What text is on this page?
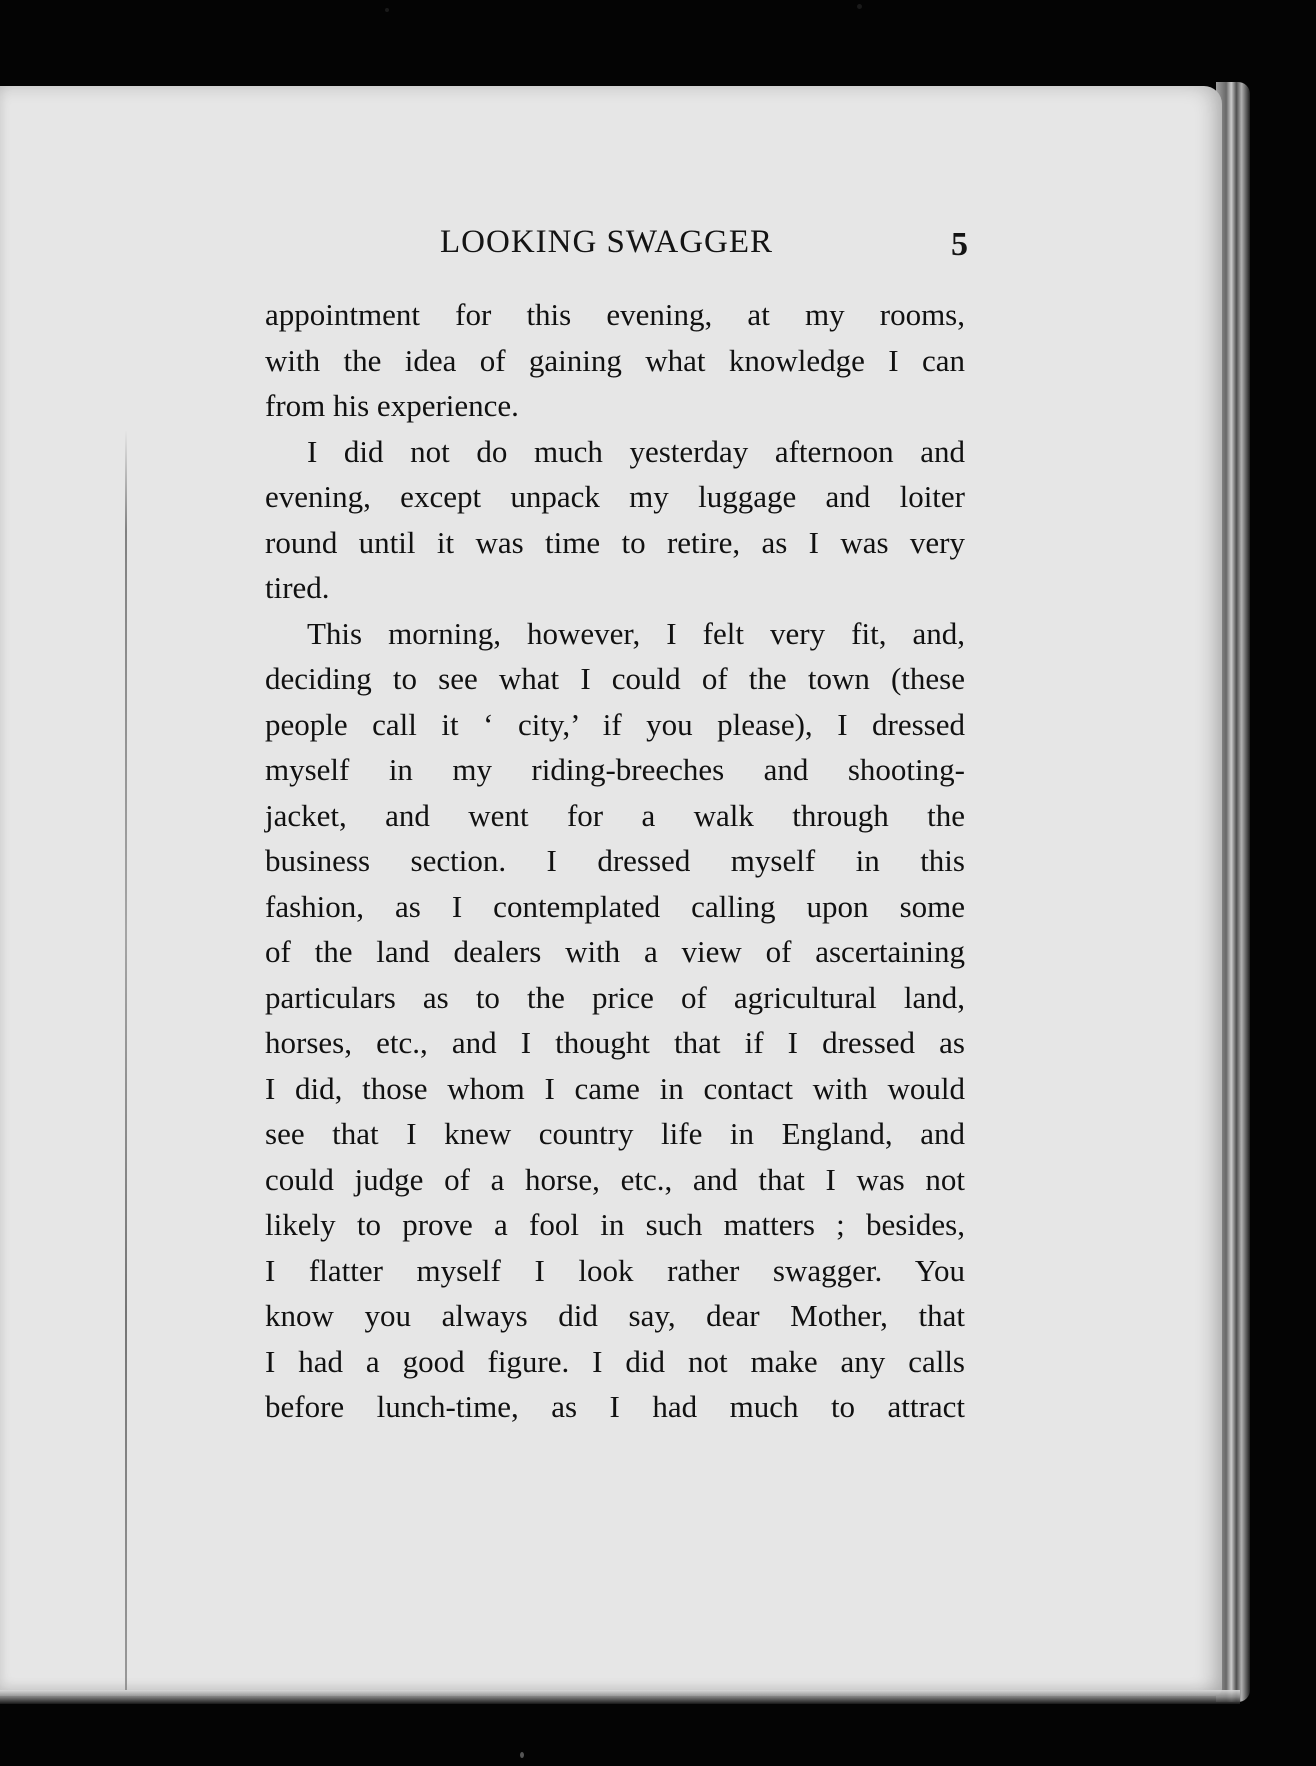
LOOKING SWAGGER	5
appointment for this evening, at my rooms,
with the idea of gaining what knowledge I can
from his experience.
I did not do much yesterday afternoon and
evening, except unpack my luggage and loiter
round until it was time to retire, as I was very
tired.
This morning, however, I felt very fit, and,
deciding to see what I could of the town (these
people call it ‘ city,’ if you please), I dressed
myself in my riding-breeches and shooting-
jacket, and went for a walk through the
business section. I dressed myself in this
fashion, as I contemplated calling upon some
of the land dealers with a view of ascertaining
particulars as to the price of agricultural land,
horses, etc., and I thought that if I dressed as
I did, those whom I came in contact with would
see that I knew country life in England, and
could judge of a horse, etc., and that I was not
likely to prove a fool in such matters ; besides,
I flatter myself I look rather swagger. You
know you always did say, dear Mother, that
I had a good figure. I did not make any calls
before lunch-time, as I had much to attract
